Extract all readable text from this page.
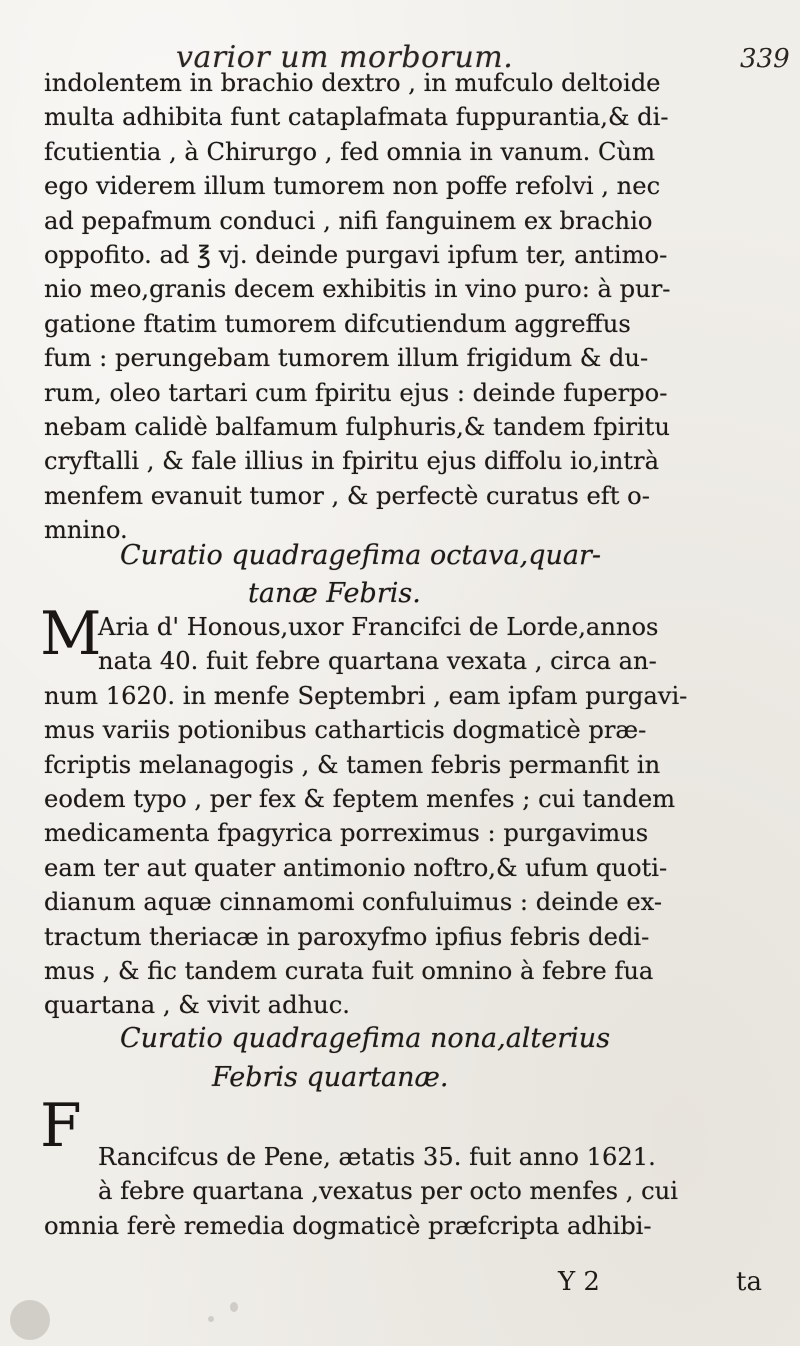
varior um morborum.	339
indolentem in brachio dextro , in mufculo deltoide
multa adhibita funt cataplafmata fuppurantia,& di-
fcutientia , à Chirurgo , fed omnia in vanum. Cùm
ego viderem illum tumorem non poffe refolvi , nec
ad pepafmum conduci , nifi fanguinem ex brachio
oppofito. ad ℥ vj. deinde purgavi ipfum ter, antimo-
nio meo,granis decem exhibitis in vino puro: à pur-
gatione ftatim tumorem difcutiendum aggreffus
fum : perungebam tumorem illum frigidum & du-
rum, oleo tartari cum fpiritu ejus : deinde fuperpo-
nebam calidè balfamum fulphuris,& tandem fpiritu
cryftalli , & fale illius in fpiritu ejus diffolu io,intrà
menfem evanuit tumor , & perfectè curatus eft o-
mnino.
Curatio quadragefima octava,quar-
tanæ Febris.
M
Aria d' Honous,uxor Francifci de Lorde,annos
nata 40. fuit febre quartana vexata , circa an-
num 1620. in menfe Septembri , eam ipfam purgavi-
mus variis potionibus catharticis dogmaticè præ-
fcriptis melanagogis , & tamen febris permanfit in
eodem typo , per fex & feptem menfes ; cui tandem
medicamenta fpagyrica porreximus : purgavimus
eam ter aut quater antimonio noftro,& ufum quoti-
dianum aquæ cinnamomi confuluimus : deinde ex-
tractum theriacæ in paroxyfmo ipfius febris dedi-
mus , & fic tandem curata fuit omnino à febre fua
quartana , & vivit adhuc.
Curatio quadragefima nona,alterius
Febris quartanæ.
F Rancifcus de Pene, ætatis 35. fuit anno 1621.
à febre quartana ,vexatus per octo menfes , cui
omnia ferè remedia dogmaticè præfcripta adhibi-
Y 2	ta
